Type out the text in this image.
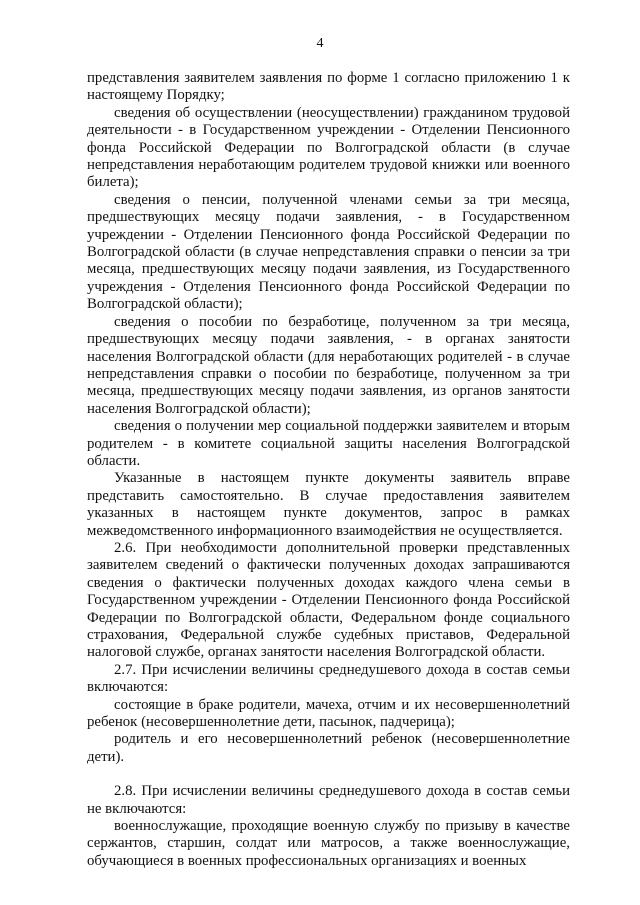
4

представления заявителем заявления по форме 1 согласно приложению 1 к настоящему Порядку;

сведения об осуществлении (неосуществлении) гражданином трудовой деятельности - в Государственном учреждении - Отделении Пенсионного фонда Российской Федерации по Волгоградской области (в случае непредставления неработающим родителем трудовой книжки или военного билета);

сведения о пенсии, полученной членами семьи за три месяца, предшествующих месяцу подачи заявления, - в Государственном учреждении - Отделении Пенсионного фонда Российской Федерации по Волгоградской области (в случае непредставления справки о пенсии за три месяца, предшествующих месяцу подачи заявления, из Государственного учреждения - Отделения Пенсионного фонда Российской Федерации по Волгоградской области);

сведения о пособии по безработице, полученном за три месяца, предшествующих месяцу подачи заявления, - в органах занятости населения Волгоградской области (для неработающих родителей - в случае непредставления справки о пособии по безработице, полученном за три месяца, предшествующих месяцу подачи заявления, из органов занятости населения Волгоградской области);

сведения о получении мер социальной поддержки заявителем и вторым родителем - в комитете социальной защиты населения Волгоградской области.

Указанные в настоящем пункте документы заявитель вправе представить самостоятельно. В случае предоставления заявителем указанных в настоящем пункте документов, запрос в рамках межведомственного информационного взаимодействия не осуществляется.

2.6. При необходимости дополнительной проверки представленных заявителем сведений о фактически полученных доходах запрашиваются сведения о фактически полученных доходах каждого члена семьи в Государственном учреждении - Отделении Пенсионного фонда Российской Федерации по Волгоградской области, Федеральном фонде социального страхования, Федеральной службе судебных приставов, Федеральной налоговой службе, органах занятости населения Волгоградской области.

2.7. При исчислении величины среднедушевого дохода в состав семьи включаются:

состоящие в браке родители, мачеха, отчим и их несовершеннолетний ребенок (несовершеннолетние дети, пасынок, падчерица);

родитель и его несовершеннолетний ребенок (несовершеннолетние дети).

2.8. При исчислении величины среднедушевого дохода в состав семьи не включаются:

военнослужащие, проходящие военную службу по призыву в качестве сержантов, старшин, солдат или матросов, а также военнослужащие, обучающиеся в военных профессиональных организациях и военных
